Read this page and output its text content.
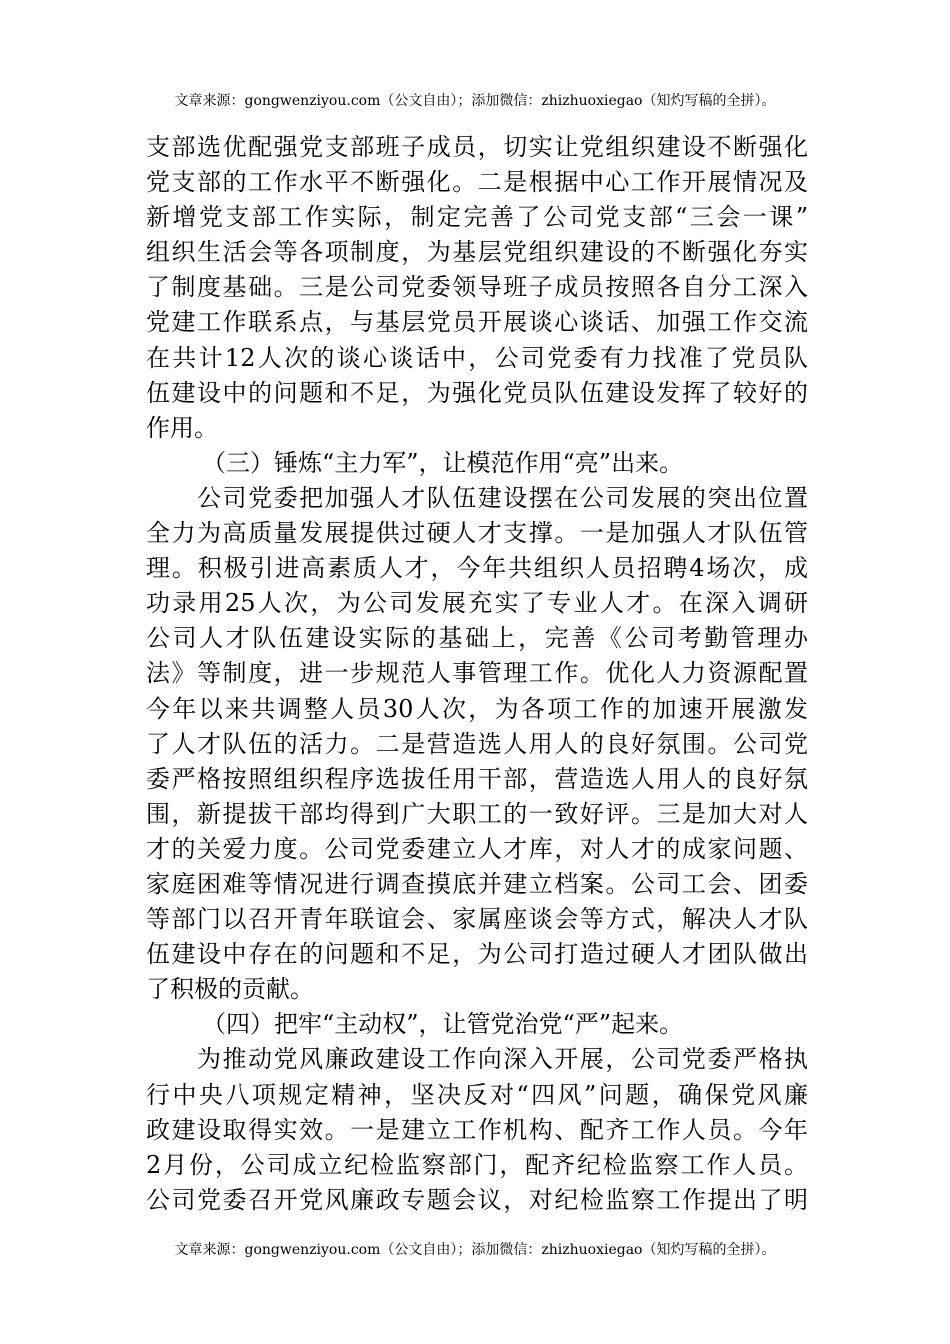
文章来源：gongwenziyou.com（公文自由）；添加微信：zhizhuoxiegao（知灼写稿的全拼）。
支部选优配强党支部班子成员，切实让党组织建设不断强化
党支部的工作水平不断强化。二是根据中心工作开展情况及
新增党支部工作实际，制定完善了公司党支部“三会一课”
组织生活会等各项制度，为基层党组织建设的不断强化夯实
了制度基础。三是公司党委领导班子成员按照各自分工深入
党建工作联系点，与基层党员开展谈心谈话、加强工作交流
在共计12人次的谈心谈话中，公司党委有力找准了党员队
伍建设中的问题和不足，为强化党员队伍建设发挥了较好的
作用。
（三）锤炼“主力军”，让模范作用“亮”出来。
　　公司党委把加强人才队伍建设摆在公司发展的突出位置
全力为高质量发展提供过硬人才支撑。一是加强人才队伍管
理。积极引进高素质人才，今年共组织人员招聘4场次，成
功录用25人次，为公司发展充实了专业人才。在深入调研
公司人才队伍建设实际的基础上，完善《公司考勤管理办
法》等制度，进一步规范人事管理工作。优化人力资源配置
今年以来共调整人员30人次，为各项工作的加速开展激发
了人才队伍的活力。二是营造选人用人的良好氛围。公司党
委严格按照组织程序选拔任用干部，营造选人用人的良好氛
围，新提拔干部均得到广大职工的一致好评。三是加大对人
才的关爱力度。公司党委建立人才库，对人才的成家问题、
家庭困难等情况进行调查摸底并建立档案。公司工会、团委
等部门以召开青年联谊会、家属座谈会等方式，解决人才队
伍建设中存在的问题和不足，为公司打造过硬人才团队做出
了积极的贡献。
（四）把牢“主动权”，让管党治党“严”起来。
　　为推动党风廉政建设工作向深入开展，公司党委严格执
行中央八项规定精神，坚决反对“四风”问题，确保党风廉
政建设取得实效。一是建立工作机构、配齐工作人员。今年
2月份，公司成立纪检监察部门，配齐纪检监察工作人员。
公司党委召开党风廉政专题会议，对纪检监察工作提出了明
文章来源：gongwenziyou.com（公文自由）；添加微信：zhizhuoxiegao（知灼写稿的全拼）。
